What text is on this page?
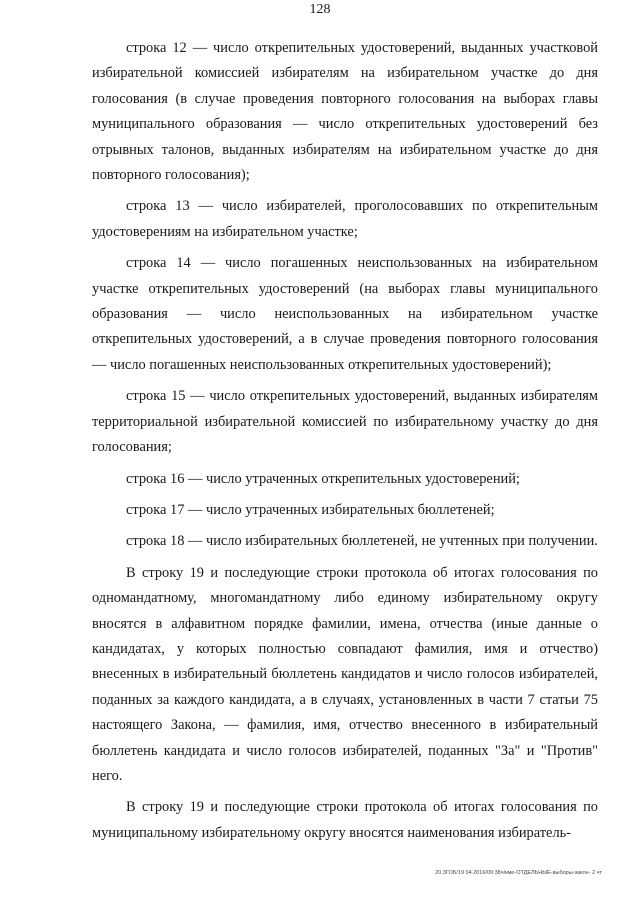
128

строка 12 — число открепительных удостоверений, выданных участковой избирательной комиссией избирателям на избирательном участке до дня голосования (в случае проведения повторного голосования на выборах главы муниципального образования — число открепительных удостоверений без отрывных талонов, выданных избирателям на избирательном участке до дня повторного голосования);

строка 13 — число избирателей, проголосовавших по открепительным удостоверениям на избирательном участке;

строка 14 — число погашенных неиспользованных на избирательном участке открепительных удостоверений (на выборах главы муниципального образования — число неиспользованных на избирательном участке открепительных удостоверений, а в случае проведения повторного голосования — число погашенных неиспользованных открепительных удостоверений);

строка 15 — число открепительных удостоверений, выданных избирателям территориальной избирательной комиссией по избирательному участку до дня голосования;

строка 16 — число утраченных открепительных удостоверений;

строка 17 — число утраченных избирательных бюллетеней;

строка 18 — число избирательных бюллетеней, не учтенных при получении.

В строку 19 и последующие строки протокола об итогах голосования по одномандатному, многомандатному либо единому избирательному округу вносятся в алфавитном порядке фамилии, имена, отчества (иные данные о кандидатах, у которых полностью совпадают фамилия, имя и отчество) внесенных в избирательный бюллетень кандидатов и число голосов избирателей, поданных за каждого кандидата, а в случаях, установленных в части 7 статьи 75 настоящего Закона, — фамилия, имя, отчество внесенного в избирательный бюллетень кандидата и число голосов избирателей, поданных "За" и "Против" него.

В строку 19 и последующие строки протокола об итогах голосования по муниципальному избирательному округу вносятся наименования избиратель-

20.3ГОБ/19 04.2016/09:38ч/кме-ОТДЕЛЬНЫЕ-выборы-закон- 2 чт
